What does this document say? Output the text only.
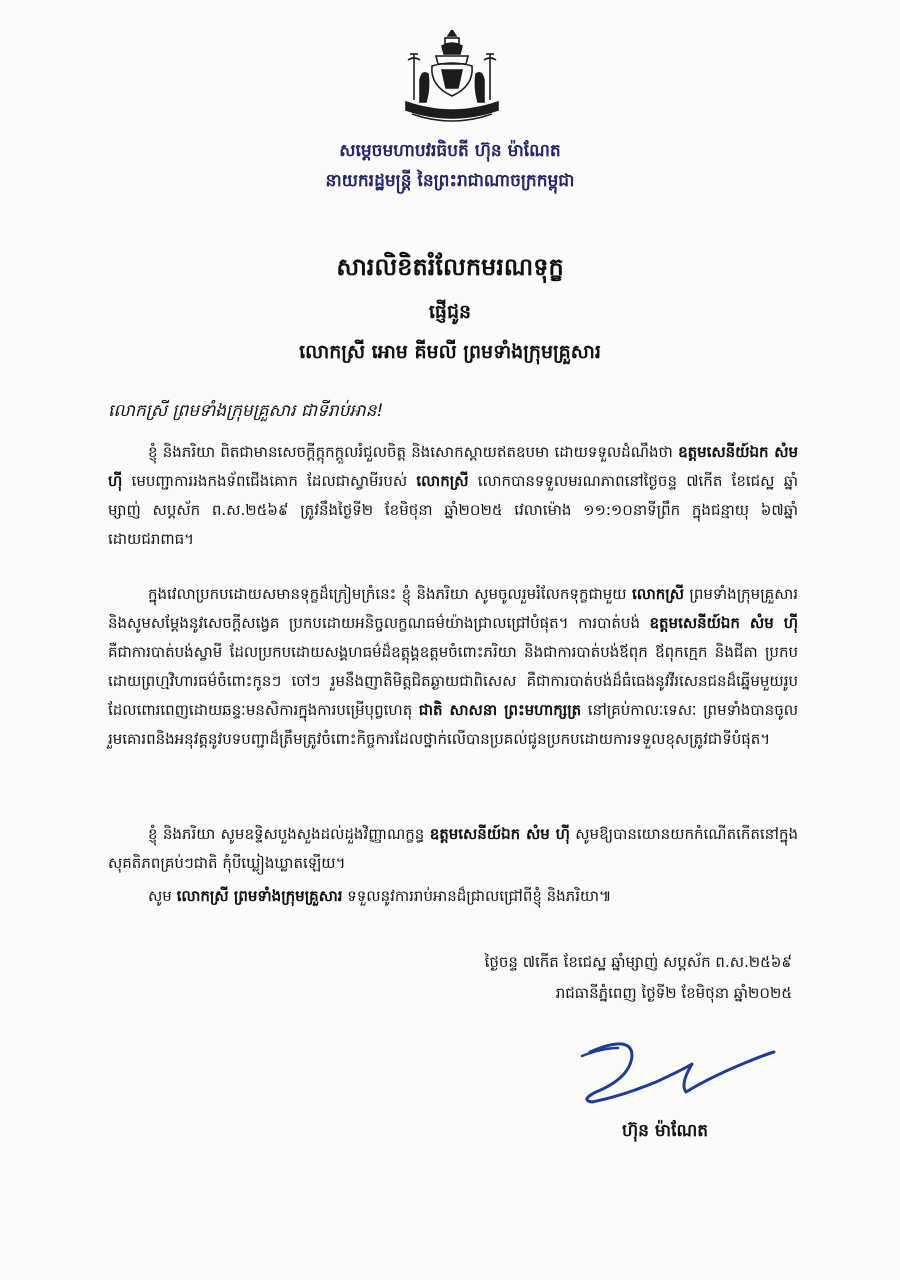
សម្តេចមហាបវរធិបតី ហ៊ុន ម៉ាណែត
នាយករដ្ឋមន្ត្រី នៃព្រះរាជាណាចក្រកម្ពុជា
សារលិខិតរំលែកមរណទុក្ខ
ផ្ញើជូន
លោកស្រី អោម គីមលី ព្រមទាំងក្រុមគ្រួសារ
លោកស្រី ព្រមទាំងក្រុមគ្រួសារ ជាទីរាប់អាន!

ខ្ញុំ និងភរិយា ពិតជាមានសេចក្តីក្តុកក្តួលរំជួលចិត្ត និងសោកស្តាយឥតឧបមា ដោយទទួលដំណឹងថា ឧត្តមសេនីយ៍ឯក សំម ហ៊ី មេបញ្ជាការរងកងទ័ពជើងគោក ដែលជាស្វាមីរបស់ លោកស្រី លោកបានទទួលមរណភាពនៅថ្ងៃចន្ទ ៧កើត ខែជេស្ឋ ឆ្នាំម្សាញ់ សប្តស័ក ព.ស.២៥៦៩ ត្រូវនឹងថ្ងៃទី២ ខែមិថុនា ឆ្នាំ២០២៥ វេលាម៉ោង ១១:១០នាទីព្រឹក ក្នុងជន្មាយុ ៦៧ឆ្នាំ ដោយជរាពាធ។

ក្នុងវេលាប្រកបដោយសមានទុក្ខដ៏ក្រៀមក្រំនេះ ខ្ញុំ និងភរិយា សូមចូលរួមរំលែកទុក្ខជាមួយ លោកស្រី ព្រមទាំងក្រុមគ្រួសារ និងសូមសម្តែងនូវសេចក្តីសង្វេគ ប្រកបដោយអនិច្ចលក្ខណធម៌យ៉ាងជ្រាលជ្រៅបំផុត។ ការបាត់បង់ ឧត្តមសេនីយ៍ឯក សំម ហ៊ី គឺជាការបាត់បង់ស្វាមី ដែលប្រកបដោយសង្គហធម៌ដ៏ឧត្តុង្គឧត្តមចំពោះភរិយា និងជាការបាត់បង់ឪពុក ឪពុកក្មេក និងជីតា ប្រកបដោយព្រហ្មវិហារធម៌ចំពោះកូនៗ ចៅៗ រួមនឹងញាតិមិត្តជិតឆ្ងាយជាពិសេស គឺជាការបាត់បង់ដ៏ធំធេងនូវវីរសេនជនដ៏ឆ្នើមមួយរូបដែលពោរពេញដោយឆន្ទៈមនសិការក្នុងការបម្រើបុព្វហេតុ ជាតិ សាសនា ព្រះមហាក្សត្រ នៅគ្រប់កាលៈទេសៈ ព្រមទាំងបានចូលរួមគោរពនិងអនុវត្តនូវបទបញ្ជាដ៏ត្រឹមត្រូវចំពោះកិច្ចការដែលថ្នាក់លើបានប្រគល់ជូនប្រកបដោយការទទួលខុសត្រូវជាទីបំផុត។

ខ្ញុំ និងភរិយា សូមឧទ្ទិសបួងសួងដល់ដួងវិញ្ញាណក្ខន្ធ ឧត្តមសេនីយ៍ឯក សំម ហ៊ី សូមឱ្យបានយោនយកកំណើតកើតនៅក្នុងសុគតិភពគ្រប់ៗជាតិ កុំបីឃ្លៀងឃ្លាតឡើយ។

សូម លោកស្រី ព្រមទាំងក្រុមគ្រួសារ ទទួលនូវការរាប់អានដ៏ជ្រាលជ្រៅពីខ្ញុំ និងភរិយា៕

ថ្ងៃចន្ទ ៧កើត ខែជេស្ឋ ឆ្នាំម្សាញ់ សប្តស័ក ព.ស.២៥៦៩
រាជធានីភ្នំពេញ ថ្ងៃទី២ ខែមិថុនា ឆ្នាំ២០២៥
ហ៊ុន ម៉ាណែត
